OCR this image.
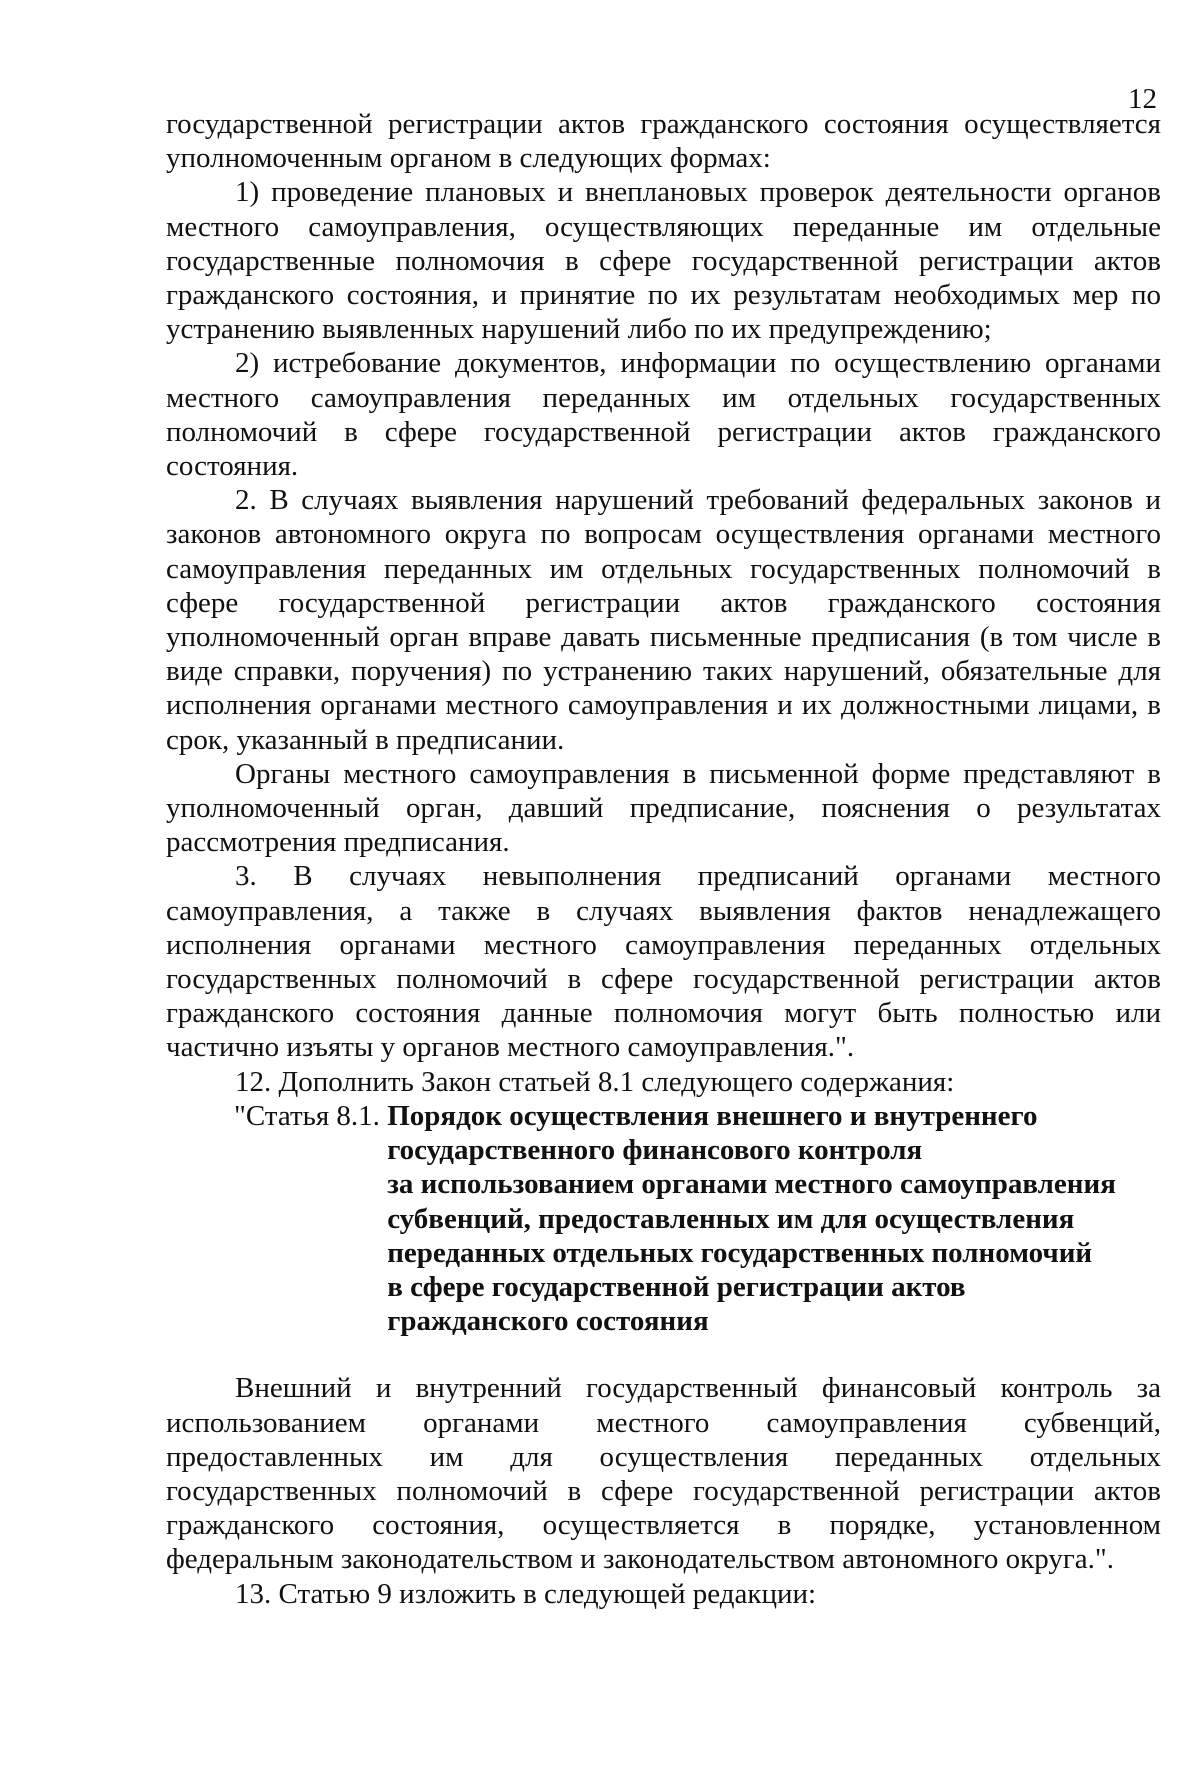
12

государственной регистрации актов гражданского состояния осуществляется уполномоченным органом в следующих формах:

1) проведение плановых и внеплановых проверок деятельности органов местного самоуправления, осуществляющих переданные им отдельные государственные полномочия в сфере государственной регистрации актов гражданского состояния, и принятие по их результатам необходимых мер по устранению выявленных нарушений либо по их предупреждению;

2) истребование документов, информации по осуществлению органами местного самоуправления переданных им отдельных государственных полномочий в сфере государственной регистрации актов гражданского состояния.

2. В случаях выявления нарушений требований федеральных законов и законов автономного округа по вопросам осуществления органами местного самоуправления переданных им отдельных государственных полномочий в сфере государственной регистрации актов гражданского состояния уполномоченный орган вправе давать письменные предписания (в том числе в виде справки, поручения) по устранению таких нарушений, обязательные для исполнения органами местного самоуправления и их должностными лицами, в срок, указанный в предписании.

Органы местного самоуправления в письменной форме представляют в уполномоченный орган, давший предписание, пояснения о результатах рассмотрения предписания.

3. В случаях невыполнения предписаний органами местного самоуправления, а также в случаях выявления фактов ненадлежащего исполнения органами местного самоуправления переданных отдельных государственных полномочий в сфере государственной регистрации актов гражданского состояния данные полномочия могут быть полностью или частично изъяты у органов местного самоуправления.".

12. Дополнить Закон статьей 8.1 следующего содержания:

"Статья 8.1. Порядок осуществления внешнего и внутреннего
государственного финансового контроля
за использованием органами местного самоуправления
субвенций, предоставленных им для осуществления
переданных отдельных государственных полномочий
в сфере государственной регистрации актов
гражданского состояния

Внешний и внутренний государственный финансовый контроль за использованием органами местного самоуправления субвенций, предоставленных им для осуществления переданных отдельных государственных полномочий в сфере государственной регистрации актов гражданского состояния, осуществляется в порядке, установленном федеральным законодательством и законодательством автономного округа.".

13. Статью 9 изложить в следующей редакции:
